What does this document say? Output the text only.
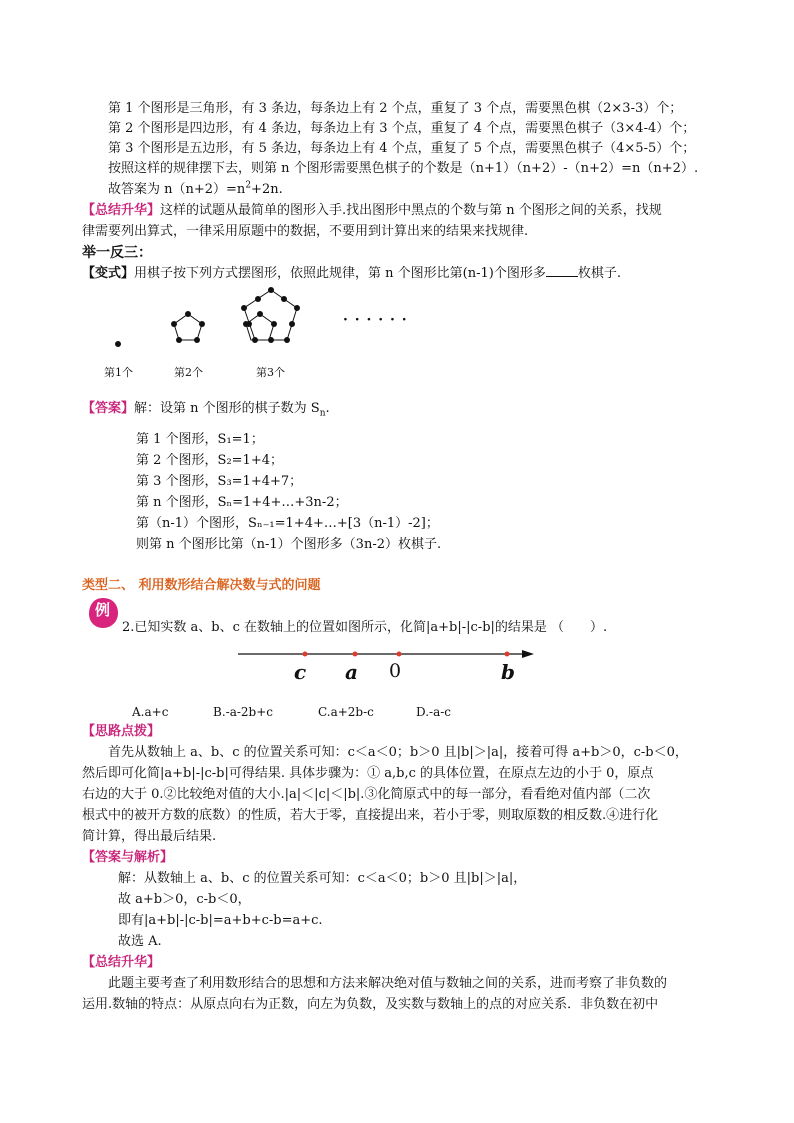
第 1 个图形是三角形，有 3 条边，每条边上有 2 个点，重复了 3 个点，需要黑色棋（2×3-3）个；
第 2 个图形是四边形，有 4 条边，每条边上有 3 个点，重复了 4 个点，需要黑色棋子（3×4-4）个；
第 3 个图形是五边形，有 5 条边，每条边上有 4 个点，重复了 5 个点，需要黑色棋子（4×5-5）个；
按照这样的规律摆下去，则第 n 个图形需要黑色棋子的个数是（n+1）（n+2）-（n+2）=n（n+2）.
故答案为 $n(n+2)=n^2+2n$.
【总结升华】这样的试题从最简单的图形入手.找出图形中黑点的个数与第 n 个图形之间的关系，找规
律需要列出算式，一律采用原题中的数据，不要用到计算出来的结果来找规律.
举一反三：
【变式】用棋子按下列方式摆图形，依照此规律，第 n 个图形比第(n-1)个图形多 枚棋子.
· · · · · ·
第1个	第2个	第3个
【答案】解：设第 n 个图形的棋子数为 $S_n$.
第 1 个图形，S₁=1；
第 2 个图形，S₂=1+4；
第 3 个图形，S₃=1+4+7；
第 n 个图形，Sₙ=1+4+…+3n-2；
第（n-1）个图形，Sₙ₋₁=1+4+…+[3（n-1）-2]；
则第 n 个图形比第（n-1）个图形多（3n-2）枚棋子.
类型二、 利用数形结合解决数与式的问题
例
2.已知实数 a、b、c 在数轴上的位置如图所示，化简|a+b|-|c-b|的结果是 （　　）.
c a 0	b
A.a+c	B.-a-2b+c	C.a+2b-c	D.-a-c
【思路点拨】
首先从数轴上 a、b、c 的位置关系可知：c＜a＜0；b＞0 且|b|＞|a|，接着可得 a+b＞0，c-b＜0，
然后即可化简|a+b|-|c-b|可得结果. 具体步骤为：① a,b,c 的具体位置，在原点左边的小于 0，原点
右边的大于 0.②比较绝对值的大小.|a|＜|c|＜|b|.③化简原式中的每一部分，看看绝对值内部（二次
根式中的被开方数的底数）的性质，若大于零，直接提出来，若小于零，则取原数的相反数.④进行化
简计算，得出最后结果.
【答案与解析】
解：从数轴上 a、b、c 的位置关系可知：c＜a＜0；b＞0 且|b|＞|a|，
故 a+b＞0，c-b＜0，
即有|a+b|-|c-b|=a+b+c-b=a+c.
故选 A.
【总结升华】
此题主要考查了利用数形结合的思想和方法来解决绝对值与数轴之间的关系，进而考察了非负数的
运用.数轴的特点：从原点向右为正数，向左为负数，及实数与数轴上的点的对应关系．非负数在初中
